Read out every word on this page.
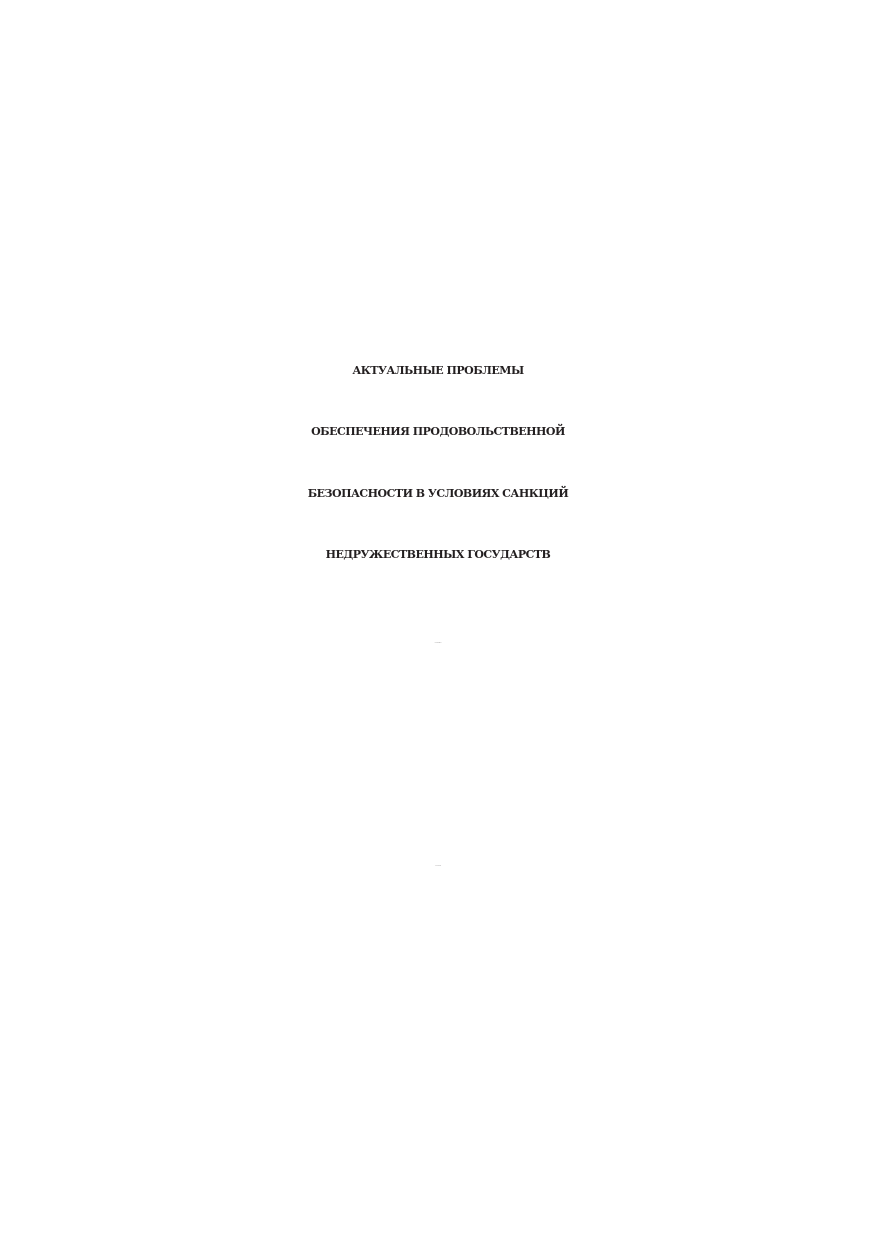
АКТУАЛЬНЫЕ ПРОБЛЕМЫ
ОБЕСПЕЧЕНИЯ ПРОДОВОЛЬСТВЕННОЙ
БЕЗОПАСНОСТИ В УСЛОВИЯХ САНКЦИЙ
НЕДРУЖЕСТВЕННЫХ ГОСУДАРСТВ
Монография
2-е издание
